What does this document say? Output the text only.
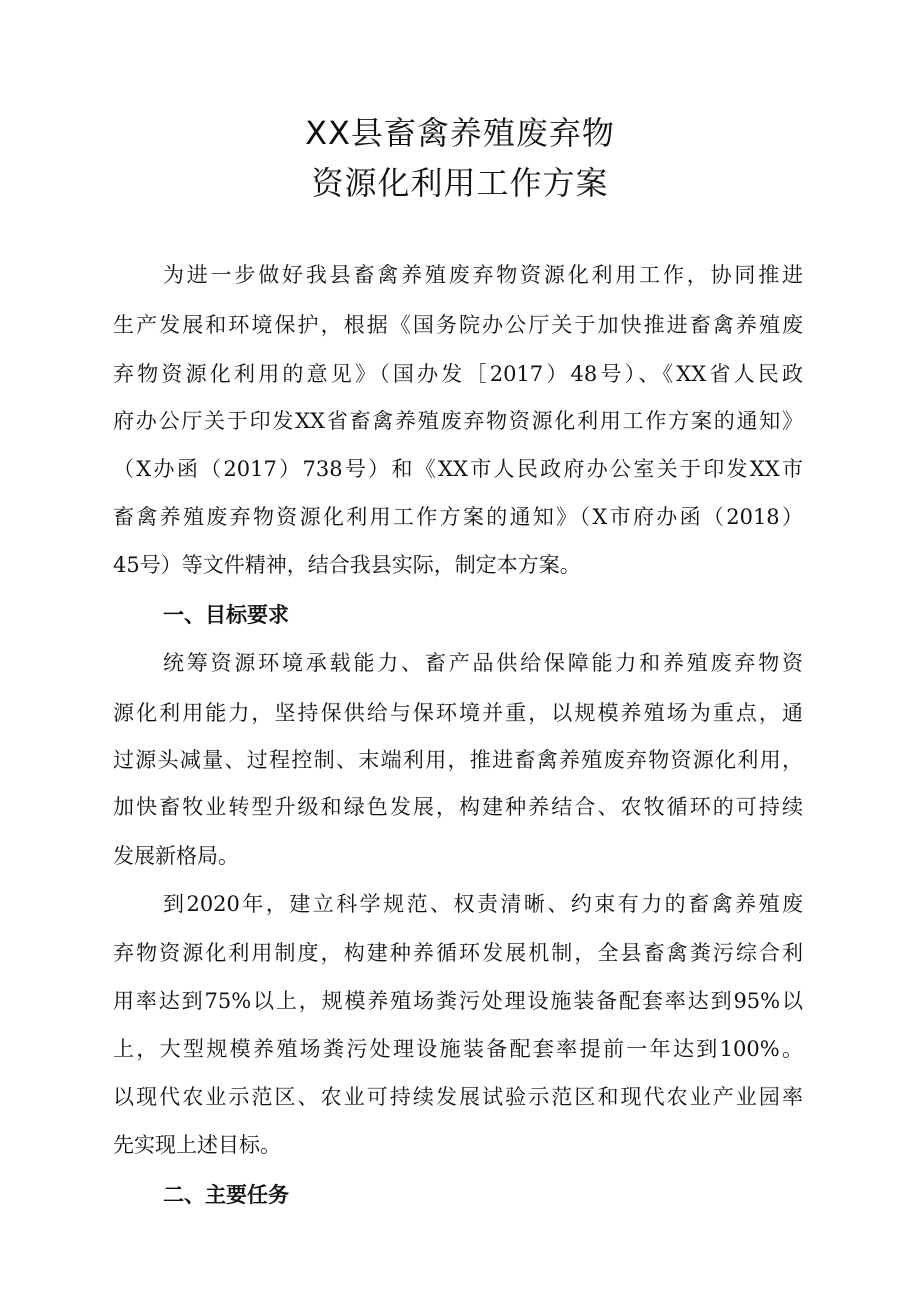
XX县畜禽养殖废弃物
资源化利用工作方案
为进一步做好我县畜禽养殖废弃物资源化利用工作，协同推进
生产发展和环境保护，根据《国务院办公厅关于加快推进畜禽养殖废
弃物资源化利用的意见》（国办发［2017）48号）、《XX省人民政
府办公厅关于印发XX省畜禽养殖废弃物资源化利用工作方案的通知》
（X办函（2017）738号）和《XX市人民政府办公室关于印发XX市
畜禽养殖废弃物资源化利用工作方案的通知》（X市府办函（2018）
45号）等文件精神，结合我县实际，制定本方案。
一、目标要求
统筹资源环境承载能力、畜产品供给保障能力和养殖废弃物资
源化利用能力，坚持保供给与保环境并重，以规模养殖场为重点，通
过源头减量、过程控制、末端利用，推进畜禽养殖废弃物资源化利用，
加快畜牧业转型升级和绿色发展，构建种养结合、农牧循环的可持续
发展新格局。
到2020年，建立科学规范、权责清晰、约束有力的畜禽养殖废
弃物资源化利用制度，构建种养循环发展机制，全县畜禽粪污综合利
用率达到75%以上，规模养殖场粪污处理设施装备配套率达到95%以
上，大型规模养殖场粪污处理设施装备配套率提前一年达到100%。
以现代农业示范区、农业可持续发展试验示范区和现代农业产业园率
先实现上述目标。
二、主要任务
